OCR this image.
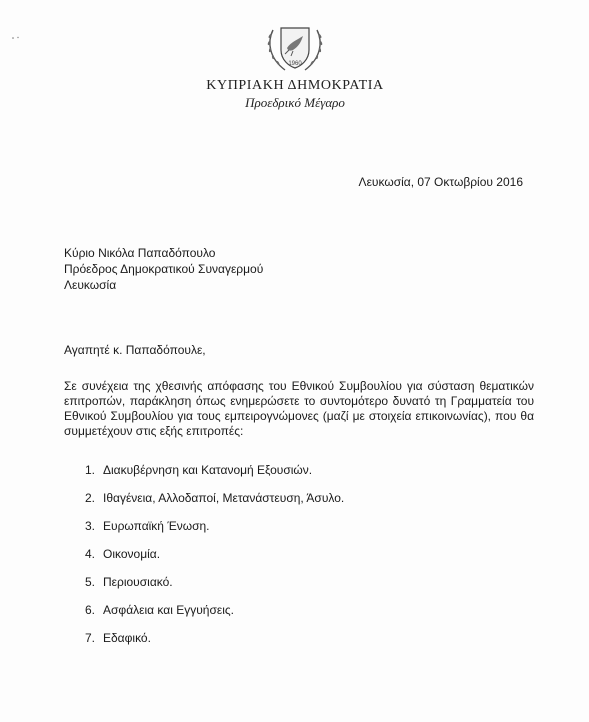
1960
ΚΥΠΡΙΑΚΗ ΔΗΜΟΚΡΑΤΙΑ
Προεδρικό Μέγαρο
Λευκωσία, 07 Οκτωβρίου 2016
Κύριο Νικόλα Παπαδόπουλο
Πρόεδρος Δημοκρατικού Συναγερμού
Λευκωσία
Αγαπητέ κ. Παπαδόπουλε,
Σε συνέχεια της χθεσινής απόφασης του Εθνικού Συμβουλίου για σύσταση θεματικών επιτροπών, παράκληση όπως ενημερώσετε το συντομότερο δυνατό τη Γραμματεία του Εθνικού Συμβουλίου για τους εμπειρογνώμονες (μαζί με στοιχεία επικοινωνίας), που θα συμμετέχουν στις εξής επιτροπές:
1. Διακυβέρνηση και Κατανομή Εξουσιών.
2. Ιθαγένεια, Αλλοδαποί, Μετανάστευση, Άσυλο.
3. Ευρωπαϊκή Ένωση.
4. Οικονομία.
5. Περιουσιακό.
6. Ασφάλεια και Εγγυήσεις.
7. Εδαφικό.
